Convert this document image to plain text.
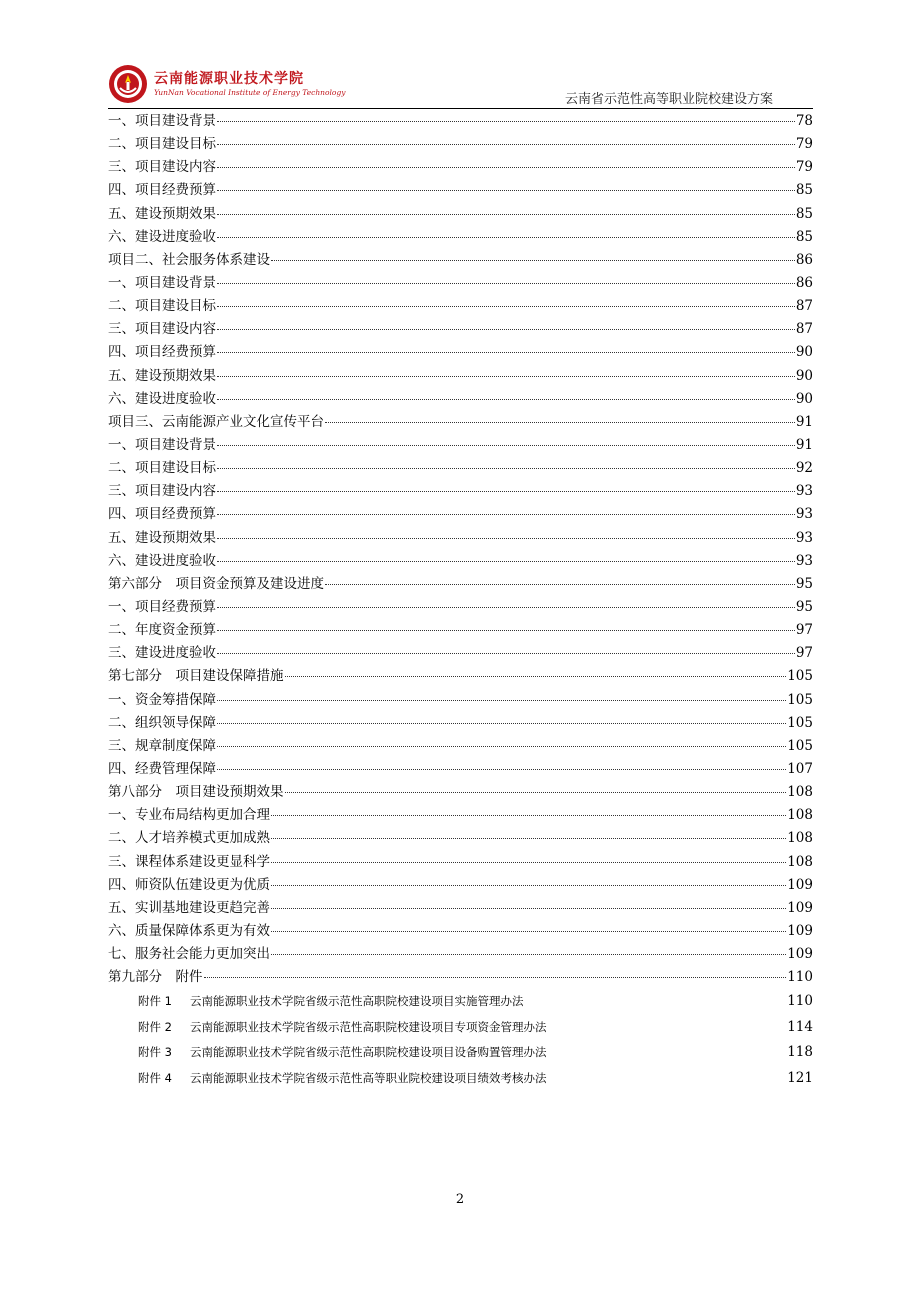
云南能源职业技术学院
YunNan Vocational Institute of Energy Technology	云南省示范性高等职业院校建设方案
一、项目建设背景	78
二、项目建设目标	79
三、项目建设内容	79
四、项目经费预算	85
五、建设预期效果	85
六、建设进度验收	85
项目二、社会服务体系建设	86
一、项目建设背景	86
二、项目建设目标	87
三、项目建设内容	87
四、项目经费预算	90
五、建设预期效果	90
六、建设进度验收	90
项目三、云南能源产业文化宣传平台	91
一、项目建设背景	91
二、项目建设目标	92
三、项目建设内容	93
四、项目经费预算	93
五、建设预期效果	93
六、建设进度验收	93
第六部分　项目资金预算及建设进度	95
一、项目经费预算	95
二、年度资金预算	97
三、建设进度验收	97
第七部分　项目建设保障措施	105
一、资金筹措保障	105
二、组织领导保障	105
三、规章制度保障	105
四、经费管理保障	107
第八部分　项目建设预期效果	108
一、专业布局结构更加合理	108
二、人才培养模式更加成熟	108
三、课程体系建设更显科学	108
四、师资队伍建设更为优质	109
五、实训基地建设更趋完善	109
六、质量保障体系更为有效	109
七、服务社会能力更加突出	109
第九部分　附件	110
附件 1	云南能源职业技术学院省级示范性高职院校建设项目实施管理办法	110
附件 2	云南能源职业技术学院省级示范性高职院校建设项目专项资金管理办法	114
附件 3	云南能源职业技术学院省级示范性高职院校建设项目设备购置管理办法	118
附件 4	云南能源职业技术学院省级示范性高等职业院校建设项目绩效考核办法	121
2
